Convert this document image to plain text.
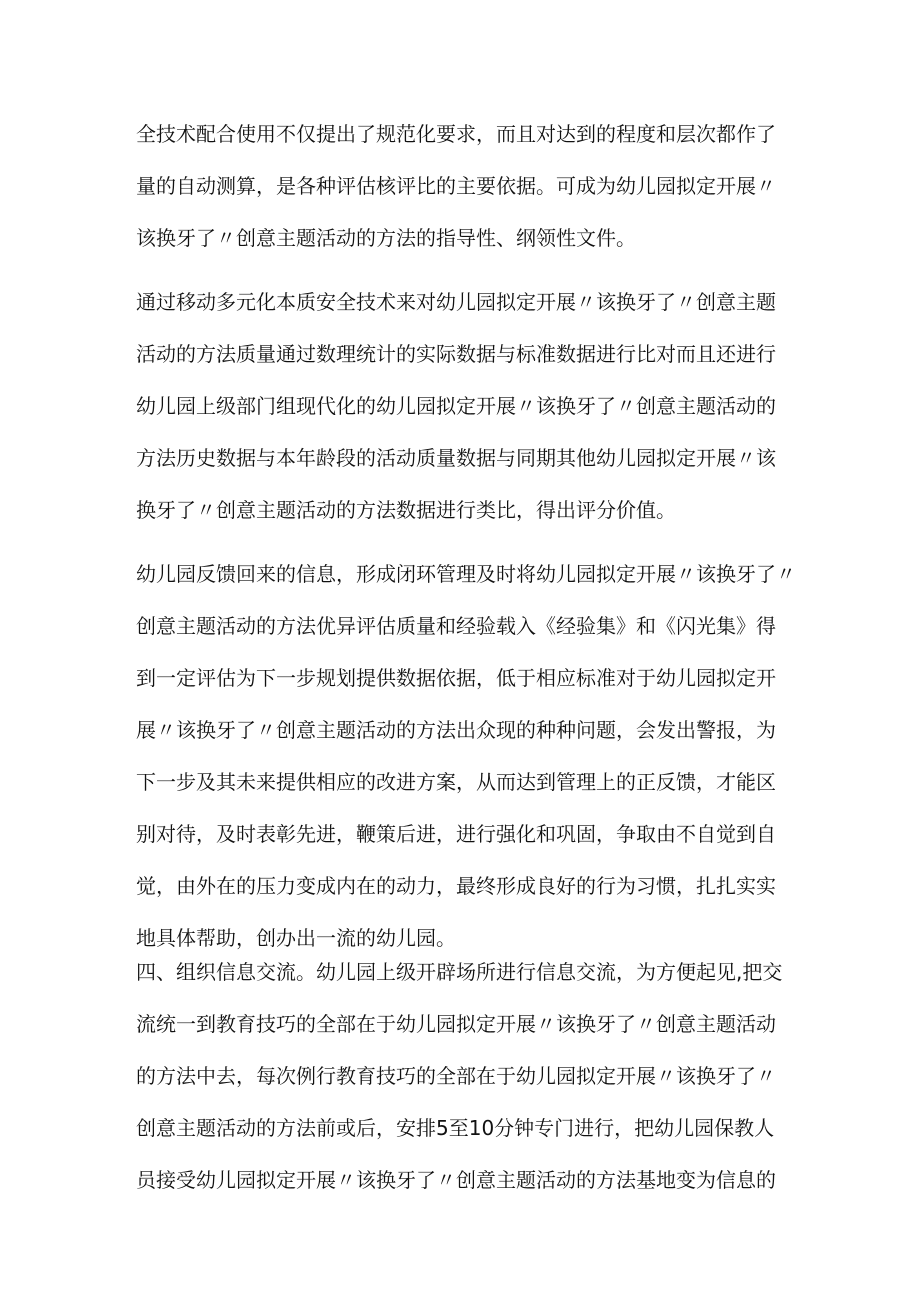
全技术配合使用不仅提出了规范化要求，而且对达到的程度和层次都作了
量的自动测算，是各种评估核评比的主要依据。可成为幼儿园拟定开展〃
该换牙了〃创意主题活动的方法的指导性、纲领性文件。

通过移动多元化本质安全技术来对幼儿园拟定开展〃该换牙了〃创意主题
活动的方法质量通过数理统计的实际数据与标准数据进行比对而且还进行
幼儿园上级部门组现代化的幼儿园拟定开展〃该换牙了〃创意主题活动的
方法历史数据与本年龄段的活动质量数据与同期其他幼儿园拟定开展〃该
换牙了〃创意主题活动的方法数据进行类比，得出评分价值。

幼儿园反馈回来的信息，形成闭环管理及时将幼儿园拟定开展〃该换牙了〃
创意主题活动的方法优异评估质量和经验载入《经验集》和《闪光集》得
到一定评估为下一步规划提供数据依据，低于相应标准对于幼儿园拟定开
展〃该换牙了〃创意主题活动的方法出众现的种种问题，会发出警报，为
下一步及其未来提供相应的改进方案，从而达到管理上的正反馈，才能区
别对待，及时表彰先进，鞭策后进，进行强化和巩固，争取由不自觉到自
觉，由外在的压力变成内在的动力，最终形成良好的行为习惯，扎扎实实
地具体帮助，创办出一流的幼儿园。

四、组织信息交流。幼儿园上级开辟场所进行信息交流，为方便起见,把交
流统一到教育技巧的全部在于幼儿园拟定开展〃该换牙了〃创意主题活动
的方法中去，每次例行教育技巧的全部在于幼儿园拟定开展〃该换牙了〃
创意主题活动的方法前或后，安排5至10分钟专门进行，把幼儿园保教人
员接受幼儿园拟定开展〃该换牙了〃创意主题活动的方法基地变为信息的
